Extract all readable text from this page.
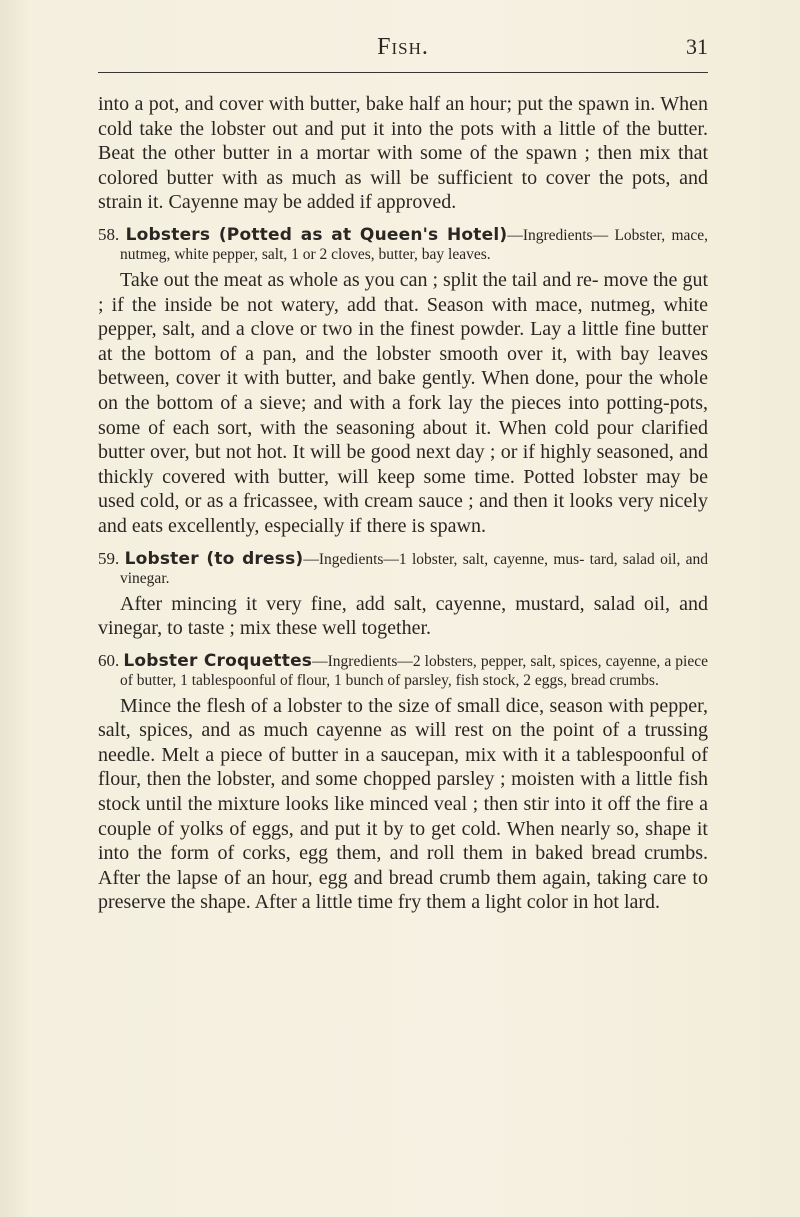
Fish.	31

into a pot, and cover with butter, bake half an hour; put the spawn in. When cold take the lobster out and put it into the pots with a little of the butter. Beat the other butter in a mortar with some of the spawn ; then mix that colored butter with as much as will be sufficient to cover the pots, and strain it. Cayenne may be added if approved.

58. Lobsters (Potted as at Queen's Hotel)—Ingredients— Lobster, mace, nutmeg, white pepper, salt, 1 or 2 cloves, butter, bay leaves.

Take out the meat as whole as you can ; split the tail and re- move the gut ; if the inside be not watery, add that. Season with mace, nutmeg, white pepper, salt, and a clove or two in the finest powder. Lay a little fine butter at the bottom of a pan, and the lobster smooth over it, with bay leaves between, cover it with butter, and bake gently. When done, pour the whole on the bottom of a sieve; and with a fork lay the pieces into potting-pots, some of each sort, with the seasoning about it. When cold pour clarified butter over, but not hot. It will be good next day ; or if highly seasoned, and thickly covered with butter, will keep some time. Potted lobster may be used cold, or as a fricassee, with cream sauce ; and then it looks very nicely and eats excellently, especially if there is spawn.

59. Lobster (to dress)—Ingedients—1 lobster, salt, cayenne, mus- tard, salad oil, and vinegar.

After mincing it very fine, add salt, cayenne, mustard, salad oil, and vinegar, to taste ; mix these well together.

60. Lobster Croquettes—Ingredients—2 lobsters, pepper, salt, spices, cayenne, a piece of butter, 1 tablespoonful of flour, 1 bunch of parsley, fish stock, 2 eggs, bread crumbs.

Mince the flesh of a lobster to the size of small dice, season with pepper, salt, spices, and as much cayenne as will rest on the point of a trussing needle. Melt a piece of butter in a saucepan, mix with it a tablespoonful of flour, then the lobster, and some chopped parsley ; moisten with a little fish stock until the mixture looks like minced veal ; then stir into it off the fire a couple of yolks of eggs, and put it by to get cold. When nearly so, shape it into the form of corks, egg them, and roll them in baked bread crumbs. After the lapse of an hour, egg and bread crumb them again, taking care to preserve the shape. After a little time fry them a light color in hot lard.
